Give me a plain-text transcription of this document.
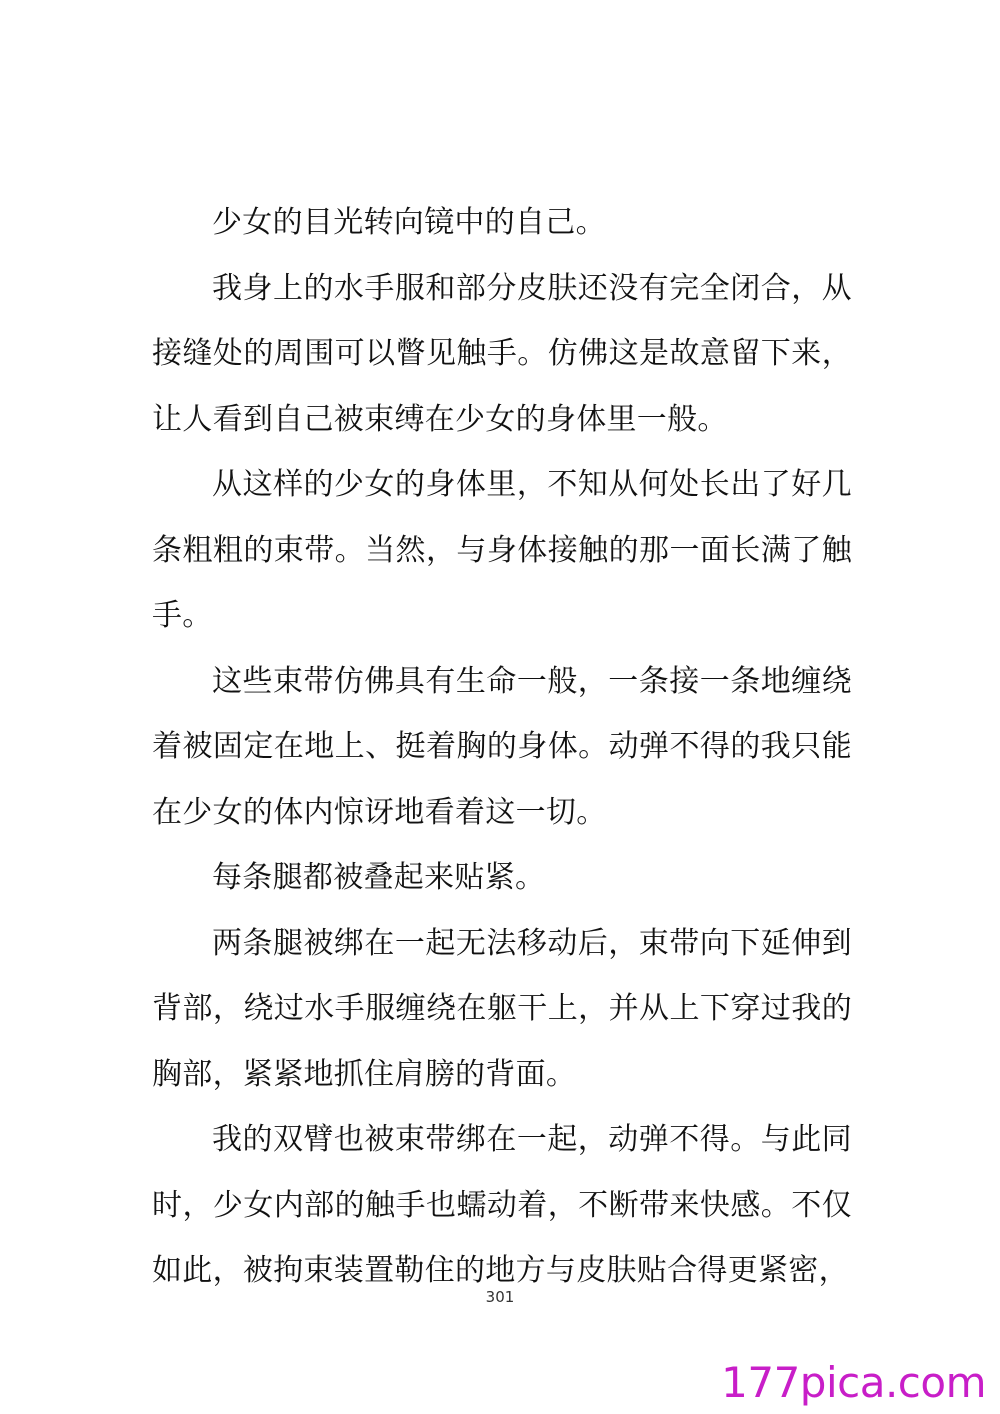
少女的目光转向镜中的自己。

我身上的水手服和部分皮肤还没有完全闭合，从接缝处的周围可以瞥见触手。仿佛这是故意留下来，让人看到自己被束缚在少女的身体里一般。

从这样的少女的身体里，不知从何处长出了好几条粗粗的束带。当然，与身体接触的那一面长满了触手。

这些束带仿佛具有生命一般，一条接一条地缠绕着被固定在地上、挺着胸的身体。动弹不得的我只能在少女的体内惊讶地看着这一切。

每条腿都被叠起来贴紧。

两条腿被绑在一起无法移动后，束带向下延伸到背部，绕过水手服缠绕在躯干上，并从上下穿过我的胸部，紧紧地抓住肩膀的背面。

我的双臂也被束带绑在一起，动弹不得。与此同时，少女内部的触手也蠕动着，不断带来快感。不仅如此，被拘束装置勒住的地方与皮肤贴合得更紧密，

301
177pica.com
